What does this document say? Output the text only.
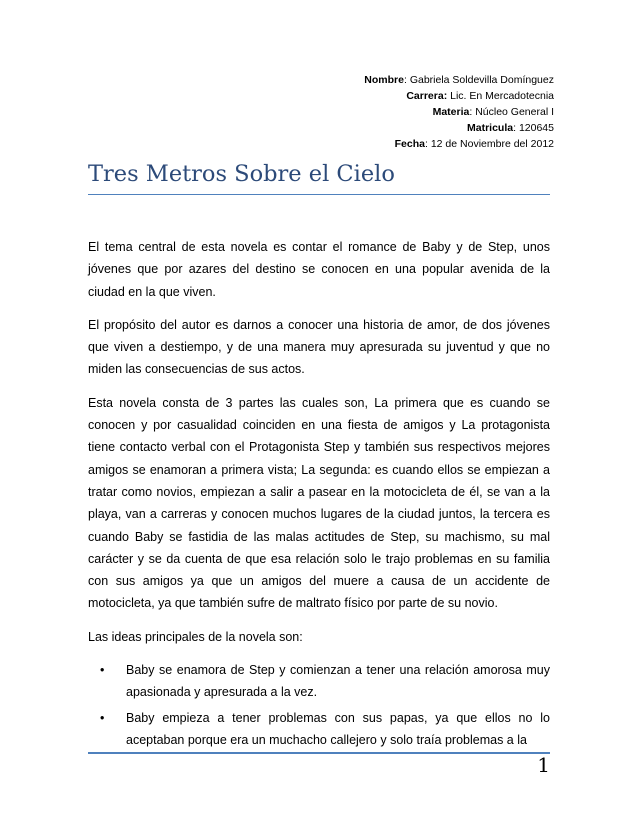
Nombre: Gabriela Soldevilla Domínguez
Carrera: Lic. En Mercadotecnia
Materia: Núcleo General I
Matricula: 120645
Fecha: 12 de Noviembre del 2012
Tres Metros Sobre el Cielo

El tema central de esta novela es contar el romance de Baby y de Step, unos jóvenes que por azares del destino se conocen en una popular avenida de la ciudad en la que viven.

El propósito del autor es darnos a conocer una historia de amor, de dos jóvenes que viven a destiempo, y de una manera muy apresurada su juventud y que no miden las consecuencias de sus actos.

Esta novela consta de 3 partes las cuales son, La primera que es cuando se conocen y por casualidad coinciden en una fiesta de amigos y La protagonista tiene contacto verbal con el Protagonista Step y también sus respectivos mejores amigos se enamoran a primera vista; La segunda: es cuando ellos se empiezan a tratar como novios, empiezan a salir a pasear en la motocicleta de él, se van a la playa, van a carreras y conocen muchos lugares de la ciudad juntos, la tercera es cuando Baby se fastidia de las malas actitudes de Step, su machismo, su mal carácter y se da cuenta de que esa relación solo le trajo problemas en su familia con sus amigos ya que un amigos del muere a causa de un accidente de motocicleta, ya que también sufre de maltrato físico por parte de su novio.

Las ideas principales de la novela son:

• Baby se enamora de Step y comienzan a tener una relación amorosa muy apasionada y apresurada a la vez.
• Baby empieza a tener problemas con sus papas, ya que ellos no lo aceptaban porque era un muchacho callejero y solo traía problemas a la
1
